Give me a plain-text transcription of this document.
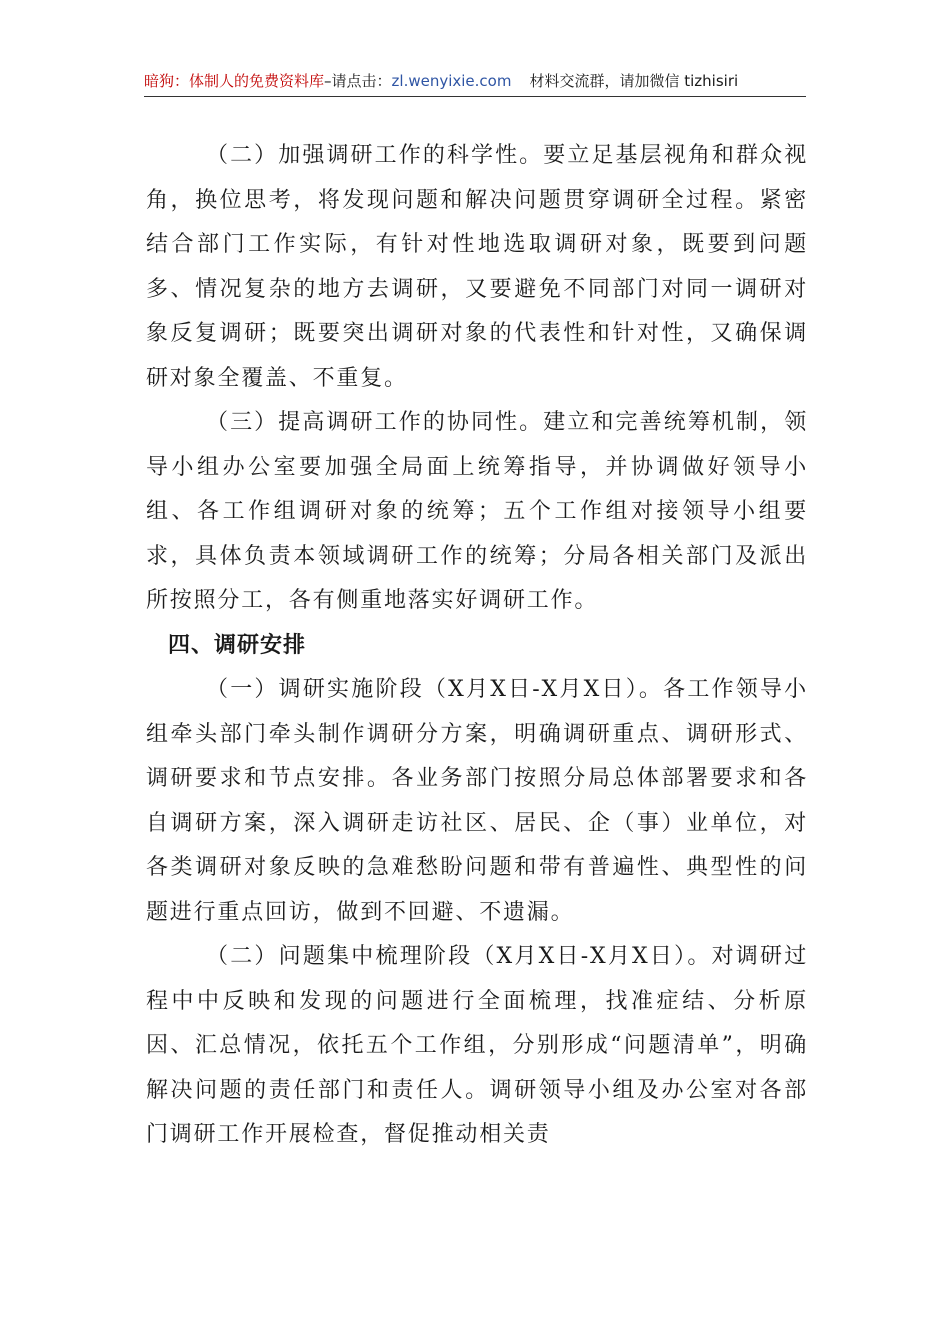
暗狗：体制人的免费资料库–请点击：zl.wenyixie.com 材料交流群，请加微信 tizhisiri

（二）加强调研工作的科学性。要立足基层视角和群众视角，换位思考，将发现问题和解决问题贯穿调研全过程。紧密结合部门工作实际，有针对性地选取调研对象，既要到问题多、情况复杂的地方去调研，又要避免不同部门对同一调研对象反复调研；既要突出调研对象的代表性和针对性，又确保调研对象全覆盖、不重复。

（三）提高调研工作的协同性。建立和完善统筹机制，领导小组办公室要加强全局面上统筹指导，并协调做好领导小组、各工作组调研对象的统筹；五个工作组对接领导小组要求，具体负责本领域调研工作的统筹；分局各相关部门及派出所按照分工，各有侧重地落实好调研工作。

四、调研安排

（一）调研实施阶段（X月X日-X月X日）。各工作领导小组牵头部门牵头制作调研分方案，明确调研重点、调研形式、调研要求和节点安排。各业务部门按照分局总体部署要求和各自调研方案，深入调研走访社区、居民、企（事）业单位，对各类调研对象反映的急难愁盼问题和带有普遍性、典型性的问题进行重点回访，做到不回避、不遗漏。

（二）问题集中梳理阶段（X月X日-X月X日）。对调研过程中中反映和发现的问题进行全面梳理，找准症结、分析原因、汇总情况，依托五个工作组，分别形成“问题清单”，明确解决问题的责任部门和责任人。调研领导小组及办公室对各部门调研工作开展检查，督促推动相关责
